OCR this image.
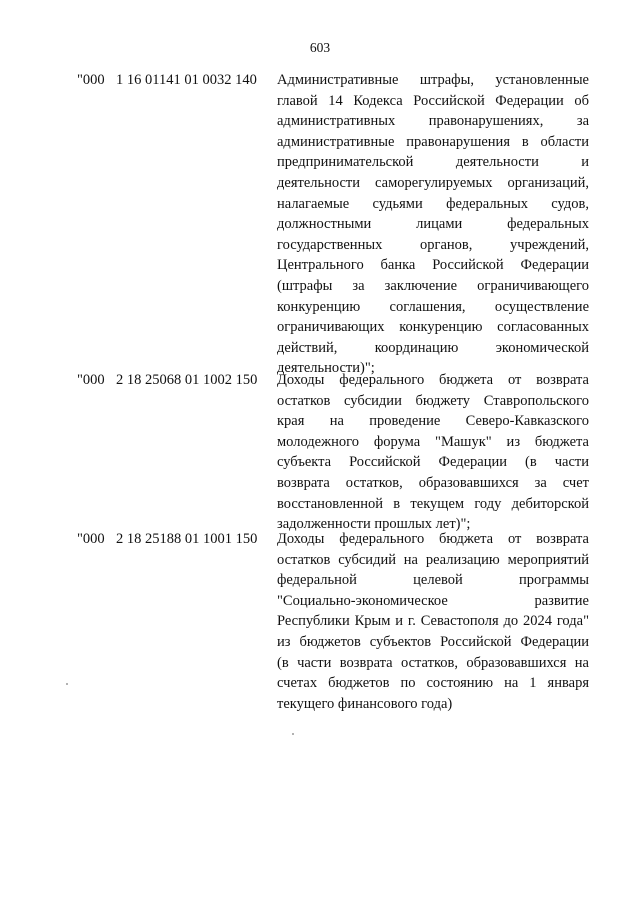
603
"000 1 16 01141 01 0032 140 Административные штрафы, установленные
главой 14 Кодекса Российской Федерации об
административных правонарушениях, за
административные правонарушения в области
предпринимательской деятельности и
деятельности саморегулируемых организаций,
налагаемые судьями федеральных судов,
должностными лицами федеральных
государственных органов, учреждений,
Центрального банка Российской Федерации
(штрафы за заключение ограничивающего
конкуренцию соглашения, осуществление
ограничивающих конкуренцию согласованных
действий, координацию экономической
деятельности)";
"000 2 18 25068 01 1002 150 Доходы федерального бюджета от возврата
остатков субсидии бюджету Ставропольского
края на проведение Северо-Кавказского
молодежного форума "Машук" из бюджета
субъекта Российской Федерации (в части
возврата остатков, образовавшихся за счет
восстановленной в текущем году дебиторской
задолженности прошлых лет)";
"000 2 18 25188 01 1001 150 Доходы федерального бюджета от возврата
остатков субсидий на реализацию мероприятий
федеральной целевой программы
"Социально-экономическое развитие
Республики Крым и г. Севастополя до 2024 года"
из бюджетов субъектов Российской Федерации
(в части возврата остатков, образовавшихся на
счетах бюджетов по состоянию на 1 января
текущего финансового года)
